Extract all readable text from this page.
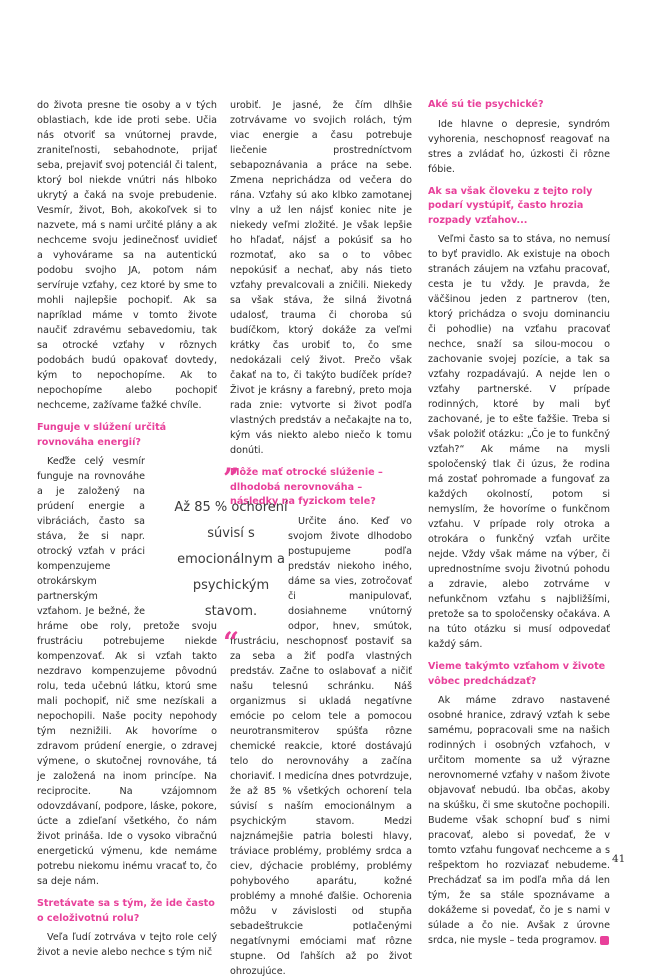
do života presne tie osoby a v tých oblastiach, kde ide proti sebe. Učia nás otvoriť sa vnútornej pravde, zraniteľnosti, sebahodnote, prijať seba, prejaviť svoj potenciál či talent, ktorý bol niekde vnútri nás hlboko ukrytý a čaká na svoje prebudenie. Vesmír, život, Boh, akokoľvek si to nazvete, má s nami určité plány a ak nechceme svoju jedinečnosť uvidieť a vyhovárame sa na autentickú podobu svojho JA, potom nám servíruje vzťahy, cez ktoré by sme to mohli najlepšie pochopiť. Ak sa napríklad máme v tomto živote naučiť zdravému sebavedomiu, tak sa otrocké vzťahy v rôznych podobách budú opakovať dovtedy, kým to nepochopíme. Ak to nepochopíme alebo pochopiť nechceme, zažívame ťažké chvíle.

Funguje v slúžení určitá rovnováha energií?

Keďže celý vesmír funguje na rovnováhe a je založený na prúdení energie a vibráciách, často sa stáva, že si napr. otrocký vzťah v práci kompenzujeme otrokárskym partnerským vzťahom. Je bežné, že hráme obe roly, pretože svoju frustráciu potrebujeme niekde kompenzovať. Ak si vzťah takto nezdravo kompenzujeme pôvodnú rolu, teda učebnú látku, ktorú sme mali pochopiť, nič sme nezískali a nepochopili. Naše pocity nepohody tým neznižili. Ak hovoríme o zdravom prúdení energie, o zdravej výmene, o skutočnej rovnováhe, tá je založená na inom princípe. Na reciprocite. Na vzájomnom odovzdávaní, podpore, láske, pokore, úcte a zdieľaní všetkého, čo nám život prináša. Ide o vysoko vibračnú energetickú výmenu, kde nemáme potrebu niekomu inému vracať to, čo sa deje nám.

Stretávate sa s tým, že ide často o celoživotnú rolu?

Veľa ľudí zotrváva v tejto role celý život a nevie alebo nechce s tým nič

urobiť. Je jasné, že čím dlhšie zotrvávame vo svojich rolách, tým viac energie a času potrebuje liečenie prostredníctvom sebapoznávania a práce na sebe. Zmena neprichádza od večera do rána. Vzťahy sú ako klbko zamotanej vlny a už len nájsť koniec nite je niekedy veľmi zložité. Je však lepšie ho hľadať, nájsť a pokúsiť sa ho rozmotať, ako sa o to vôbec nepokúsiť a nechať, aby nás tieto vzťahy prevalcovali a zničili. Niekedy sa však stáva, že silná životná udalosť, trauma či choroba sú budíčkom, ktorý dokáže za veľmi krátky čas urobiť to, čo sme nedokázali celý život. Prečo však čakať na to, či takýto budíček príde? Život je krásny a farebný, preto moja rada znie: vytvorte si život podľa vlastných predstáv a nečakajte na to, kým vás niekto alebo niečo k tomu donúti.

Môže mať otrocké slúženie – dlhodobá nerovnováha – následky na fyzickom tele?

Určite áno. Keď vo svojom živote dlhodobo postupujeme podľa predstáv niekoho iného, dáme sa vies, zotročovať či manipulovať, dosiahneme vnútorný odpor, hnev, smútok, frustráciu, neschopnosť postaviť sa za seba a žiť podľa vlastných predstáv. Začne to oslabovať a ničiť našu telesnú schránku. Náš organizmus si ukladá negatívne emócie po celom tele a pomocou neurotransmiterov spúšťa rôzne chemické reakcie, ktoré dostávajú telo do nerovnováhy a začína choriaviť. I medicína dnes potvrdzuje, že až 85 % všetkých ochorení tela súvisí s naším emocionálnym a psychickým stavom. Medzi najznámejšie patria bolesti hlavy, tráviace problémy, problémy srdca a ciev, dýchacie problémy, problémy pohybového aparátu, kožné problémy a mnohé ďalšie. Ochorenia môžu v závislosti od stupňa sebadeštrukcie potlačenými negatívnymi emóciami mať rôzne stupne. Od ľahších až po život ohrozujúce.

Aké sú tie psychické?

Ide hlavne o depresie, syndróm vyhorenia, neschopnosť reagovať na stres a zvládať ho, úzkosti či rôzne fóbie.

Ak sa však človeku z tejto roly podarí vystúpiť, často hrozia rozpady vzťahov...

Veľmi často sa to stáva, no nemusí to byť pravidlo. Ak existuje na oboch stranách záujem na vzťahu pracovať, cesta je tu vždy. Je pravda, že väčšinou jeden z partnerov (ten, ktorý prichádza o svoju dominanciu či pohodlie) na vzťahu pracovať nechce, snaží sa silou-mocou o zachovanie svojej pozície, a tak sa vzťahy rozpadávajú. A nejde len o vzťahy partnerské. V prípade rodinných, ktoré by mali byť zachované, je to ešte ťažšie. Treba si však položiť otázku: „Čo je to funkčný vzťah?“ Ak máme na mysli spoločenský tlak či úzus, že rodina má zostať pohromade a fungovať za každých okolností, potom si nemyslím, že hovoríme o funkčnom vzťahu. V prípade roly otroka a otrokára o funkčný vzťah určite nejde. Vždy však máme na výber, či uprednostníme svoju životnú pohodu a zdravie, alebo zotrváme v nefunkčnom vzťahu s najbližšími, pretože sa to spoločensky očakáva. A na túto otázku si musí odpovedať každý sám.

Vieme takýmto vzťahom v živote vôbec predchádzať?

Ak máme zdravo nastavené osobné hranice, zdravý vzťah k sebe samému, popracovali sme na našich rodinných i osobných vzťahoch, v určitom momente sa už výrazne nerovnomerné vzťahy v našom živote objavovať nebudú. Iba občas, akoby na skúšku, či sme skutočne pochopili. Budeme však schopní buď s nimi pracovať, alebo si povedať, že v tomto vzťahu fungovať nechceme a s rešpektom ho rozviazať nebudeme. Prechádzať sa im podľa mňa dá len tým, že sa stále spoznávame a dokážeme si povedať, čo je s nami v súlade a čo nie. Avšak z úrovne srdca, nie mysle – teda programov. e

”
Až 85 % ochorení súvisí s emocionálnym a psychickým stavom.
“
41
